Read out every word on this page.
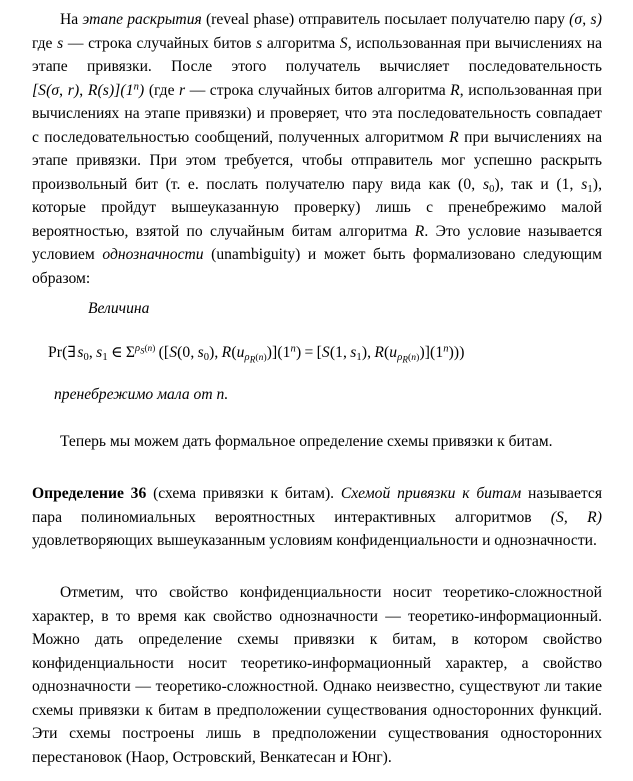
На этапе раскрытия (reveal phase) отправитель посылает получателю пару (σ, s) где s — строка случайных битов s алгоритма S, использованная при вычислениях на этапе привязки. После этого получатель вычисляет последовательность [S(σ, r), R(s)](1$^n$) (где r — строка случайных битов алгоритма R, использованная при вычислениях на этапе привязки) и проверяет, что эта последовательность совпадает с последовательностью сообщений, полученных алгоритмом R при вычислениях на этапе привязки. При этом требуется, чтобы отправитель мог успешно раскрыть произвольный бит (т. е. послать получателю пару вида как (0, $s_0$), так и (1, $s_1$), которые пройдут вышеуказанную проверку) лишь с пренебрежимо малой вероятностью, взятой по случайным битам алгоритма R. Это условие называется условием однозначности (unambiguity) и может быть формализовано следующим образом:

Величина
Pr(∃ $s_0$,  $s_1$  ∈  $\Sigma^{\rho_S(n)}$  ([S(0,  $s_0$),  $R(u_{\rho_R(n)})](1^n) = [S(1$,  $s_1$),  $R(u_{\rho_R(n)})](1^n)$))
пренебрежимо мала от n.

Теперь мы можем дать формальное определение схемы привязки к битам.

Определение 36 (схема привязки к битам). Схемой привязки к битам называется пара полиномиальных вероятностных интерактивных алгоритмов (S, R) удовлетворяющих вышеуказанным условиям конфиденциальности и однозначности.

Отметим, что свойство конфиденциальности носит теоретико-сложностной характер, в то время как свойство однозначности — теоретико-информационный. Можно дать определение схемы привязки к битам, в котором свойство конфиденциальности носит теоретико-информационный характер, а свойство однозначности — теоретико-сложностной. Однако неизвестно, существуют ли такие схемы привязки к битам в предположении существования односторонних функций. Эти схемы построены лишь в предположении существования односторонних перестановок (Наор, Островский, Венкатесан и Юнг).
